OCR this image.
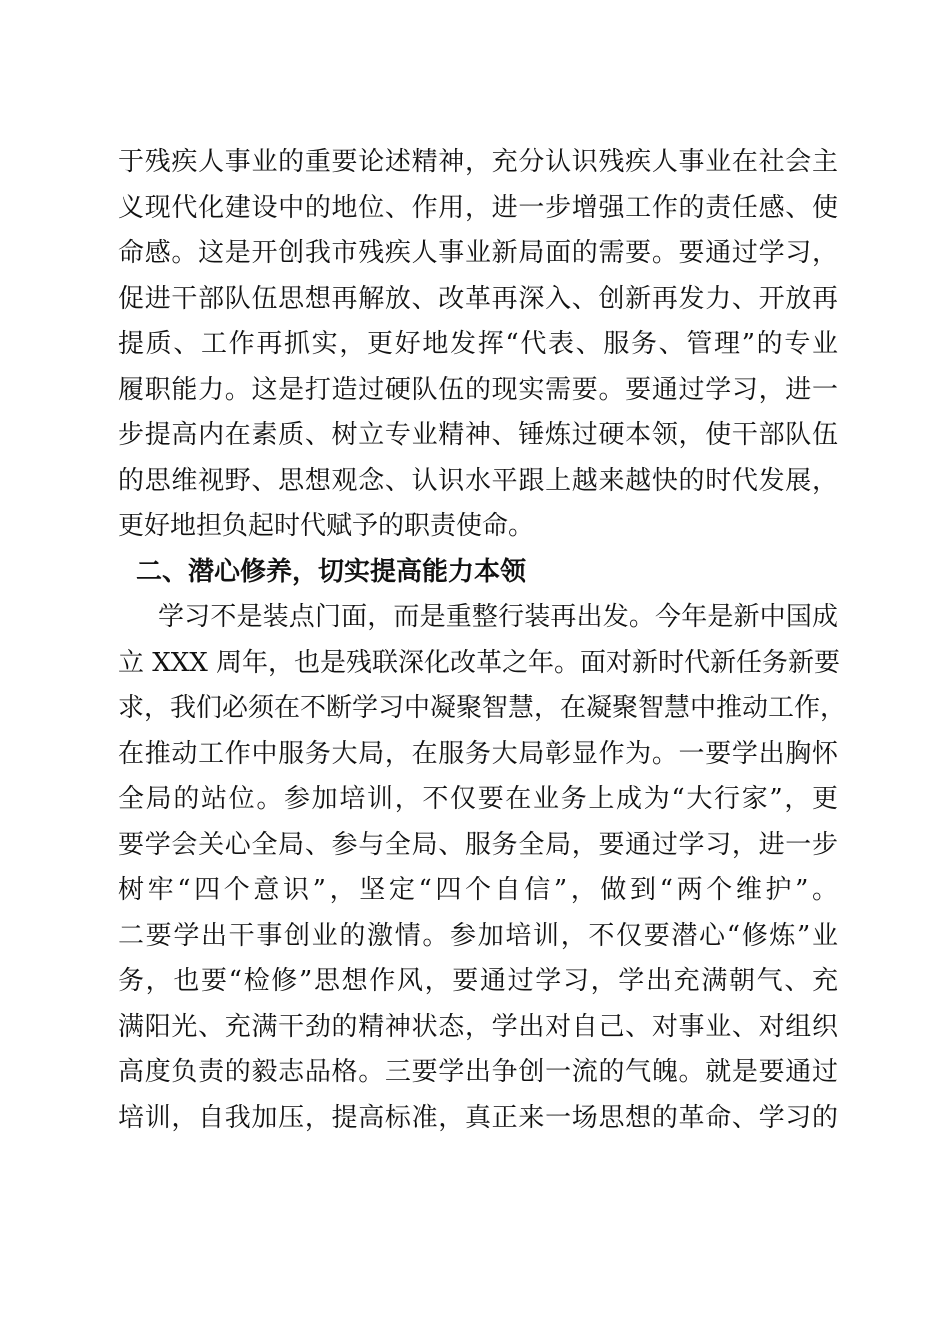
于残疾人事业的重要论述精神，充分认识残疾人事业在社会主
义现代化建设中的地位、作用，进一步增强工作的责任感、使
命感。这是开创我市残疾人事业新局面的需要。要通过学习，
促进干部队伍思想再解放、改革再深入、创新再发力、开放再
提质、工作再抓实，更好地发挥“代表、服务、管理”的专业
履职能力。这是打造过硬队伍的现实需要。要通过学习，进一
步提高内在素质、树立专业精神、锤炼过硬本领，使干部队伍
的思维视野、思想观念、认识水平跟上越来越快的时代发展，
更好地担负起时代赋予的职责使命。
二、潜心修养，切实提高能力本领
学习不是装点门面，而是重整行装再出发。今年是新中国成
立 XXX 周年，也是残联深化改革之年。面对新时代新任务新要
求，我们必须在不断学习中凝聚智慧，在凝聚智慧中推动工作，
在推动工作中服务大局，在服务大局彰显作为。一要学出胸怀
全局的站位。参加培训，不仅要在业务上成为“大行家”，更
要学会关心全局、参与全局、服务全局，要通过学习，进一步
树牢“四个意识”，坚定“四个自信”，做到“两个维护”。
二要学出干事创业的激情。参加培训，不仅要潜心“修炼”业
务，也要“检修”思想作风，要通过学习，学出充满朝气、充
满阳光、充满干劲的精神状态，学出对自己、对事业、对组织
高度负责的毅志品格。三要学出争创一流的气魄。就是要通过
培训，自我加压，提高标准，真正来一场思想的革命、学习的
